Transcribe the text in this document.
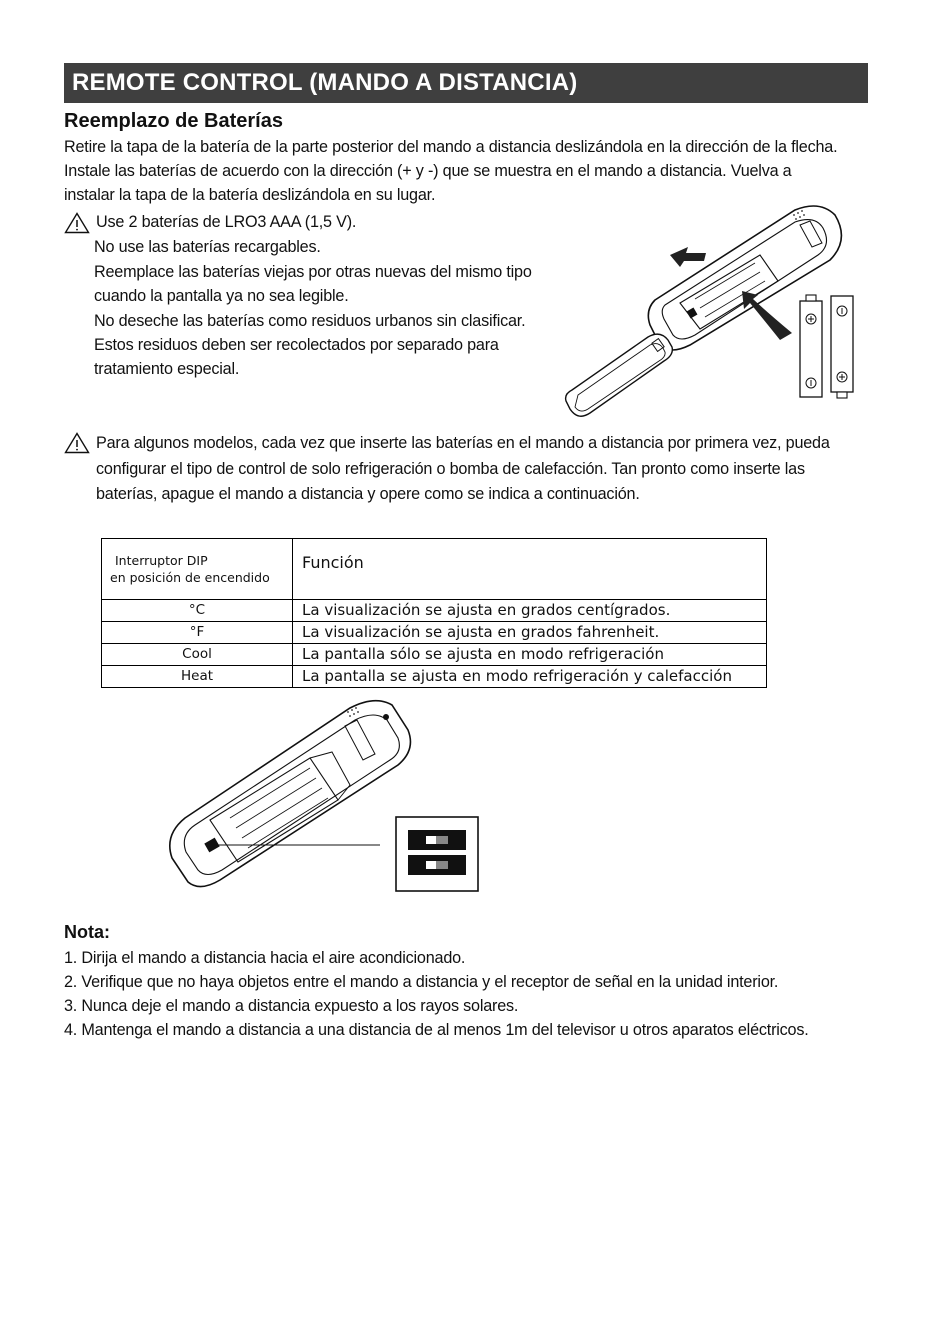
REMOTE CONTROL (MANDO A DISTANCIA)
Reemplazo de Baterías
Retire la tapa de la batería de la parte posterior del mando a distancia deslizándola en la dirección de la flecha.
Instale las baterías de acuerdo con la dirección (+ y -) que se muestra en el mando a distancia. Vuelva a
instalar la tapa de la batería deslizándola en su lugar.
Use 2 baterías de LRO3 AAA (1,5 V).
No use las baterías recargables.
Reemplace las baterías viejas por otras nuevas del mismo tipo
cuando la pantalla ya no sea legible.
No deseche las baterías como residuos urbanos sin clasificar.
Estos residuos deben ser recolectados por separado para
tratamiento especial.
Para algunos modelos, cada vez que inserte las baterías en el mando a distancia por primera vez, pueda
configurar el tipo de control de solo refrigeración o bomba de calefacción. Tan pronto como inserte las
baterías, apague el mando a distancia y opere como se indica a continuación.
Interruptor DIP
en posición de encendido	Función
°C	La visualización se ajusta en grados centígrados.
°F	La visualización se ajusta en grados fahrenheit.
Cool	La pantalla sólo se ajusta en modo refrigeración
Heat	La pantalla se ajusta en modo refrigeración y calefacción
Nota:
1. Dirija el mando a distancia hacia el aire acondicionado.
2. Verifique que no haya objetos entre el mando a distancia y el receptor de señal en la unidad interior.
3. Nunca deje el mando a distancia expuesto a los rayos solares.
4. Mantenga el mando a distancia a una distancia de al menos 1m del televisor u otros aparatos eléctricos.
